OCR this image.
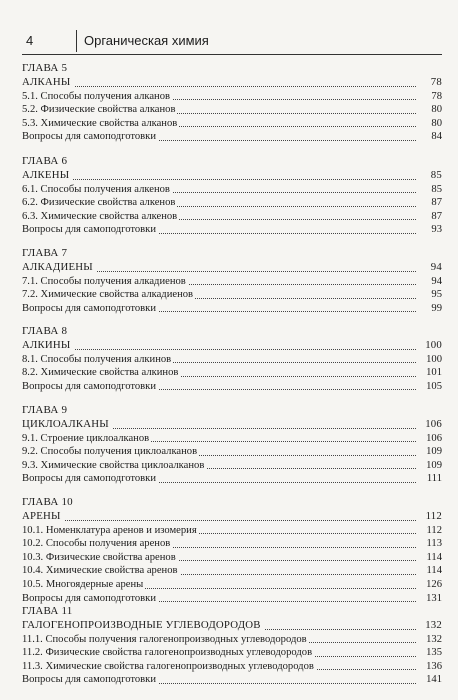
4	Органическая химия
ГЛАВА 5
АЛКАНЫ	78
5.1. Способы получения алканов	78
5.2. Физические свойства алканов	80
5.3. Химические свойства алканов	80
Вопросы для самоподготовки	84
ГЛАВА 6
АЛКЕНЫ	85
6.1. Способы получения алкенов	85
6.2. Физические свойства алкенов	87
6.3. Химические свойства алкенов	87
Вопросы для самоподготовки	93
ГЛАВА 7
АЛКАДИЕНЫ	94
7.1. Способы получения алкадиенов	94
7.2. Химические свойства алкадиенов	95
Вопросы для самоподготовки	99
ГЛАВА 8
АЛКИНЫ	100
8.1. Способы получения алкинов	100
8.2. Химические свойства алкинов	101
Вопросы для самоподготовки	105
ГЛАВА 9
ЦИКЛОАЛКАНЫ	106
9.1. Строение циклоалканов	106
9.2. Способы получения циклоалканов	109
9.3. Химические свойства циклоалканов	109
Вопросы для самоподготовки	111
ГЛАВА 10
АРЕНЫ	112
10.1. Номенклатура аренов и изомерия	112
10.2. Способы получения аренов	113
10.3. Физические свойства аренов	114
10.4. Химические свойства аренов	114
10.5. Многоядерные арены	126
Вопросы для самоподготовки	131
ГЛАВА 11
ГАЛОГЕНОПРОИЗВОДНЫЕ УГЛЕВОДОРОДОВ	132
11.1. Способы получения галогенопроизводных углеводородов	132
11.2. Физические свойства галогенопроизводных углеводородов	135
11.3. Химические свойства галогенопроизводных углеводородов	136
Вопросы для самоподготовки	141
